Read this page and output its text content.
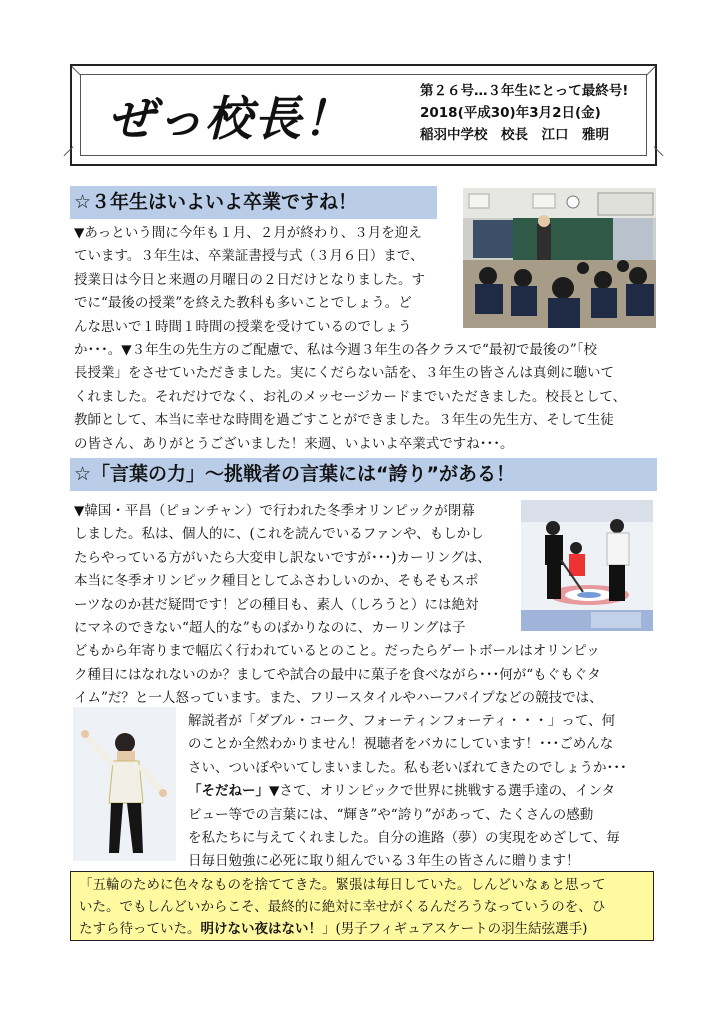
ぜっ校長！
第２６号…３年生にとって最終号!
2018(平成30)年3月2日(金)
稲羽中学校　校長　江口　雅明
☆３年生はいよいよ卒業ですね！
▼あっという間に今年も１月、２月が終わり、３月を迎え
ています。３年生は、卒業証書授与式（３月６日）まで、
授業日は今日と来週の月曜日の２日だけとなりました。す
でに“最後の授業”を終えた教科も多いことでしょう。ど
んな思いで１時間１時間の授業を受けているのでしょう
か･･･。▼３年生の先生方のご配慮で、私は今週３年生の各クラスで“最初で最後の”「校
長授業」をさせていただきました。実にくだらない話を、３年生の皆さんは真剣に聴いて
くれました。それだけでなく、お礼のメッセージカードまでいただきました。校長として、
教師として、本当に幸せな時間を過ごすことができました。３年生の先生方、そして生徒
の皆さん、ありがとうございました！来週、いよいよ卒業式ですね･･･。
☆「言葉の力」～挑戦者の言葉には“誇り”がある！
▼韓国・平昌（ピョンチャン）で行われた冬季オリンピックが閉幕
しました。私は、個人的に、(これを読んでいるファンや、もしかし
たらやっている方がいたら大変申し訳ないですが･･･)カーリングは、
本当に冬季オリンピック種目としてふさわしいのか、そもそもスポ
ーツなのか甚だ疑問です！どの種目も、素人（しろうと）には絶対
にマネのできない“超人的な”ものばかりなのに、カーリングは子
どもから年寄りまで幅広く行われているとのこと。だったらゲートボールはオリンピッ
ク種目にはなれないのか？ましてや試合の最中に菓子を食べながら･･･何が“もぐもぐタ
イム”だ？と一人怒っています。また、フリースタイルやハーフパイプなどの競技では、
解説者が「ダブル・コーク、フォーティンフォーティ・・・」って、何
のことか全然わかりません！視聴者をバカにしています！･･･ごめんな
さい、ついぼやいてしまいました。私も老いぼれてきたのでしょうか･･･
「そだねー」▼さて、オリンピックで世界に挑戦する選手達の、インタ
ビュー等での言葉には、“輝き”や“誇り”があって、たくさんの感動
を私たちに与えてくれました。自分の進路（夢）の実現をめざして、毎
日毎日勉強に必死に取り組んでいる３年生の皆さんに贈ります！
「五輪のために色々なものを捨ててきた。緊張は毎日していた。しんどいなぁと思って
いた。でもしんどいからこそ、最終的に絶対に幸せがくるんだろうなっていうのを、ひ
たすら待っていた。明けない夜はない！」(男子フィギュアスケートの羽生結弦選手)
